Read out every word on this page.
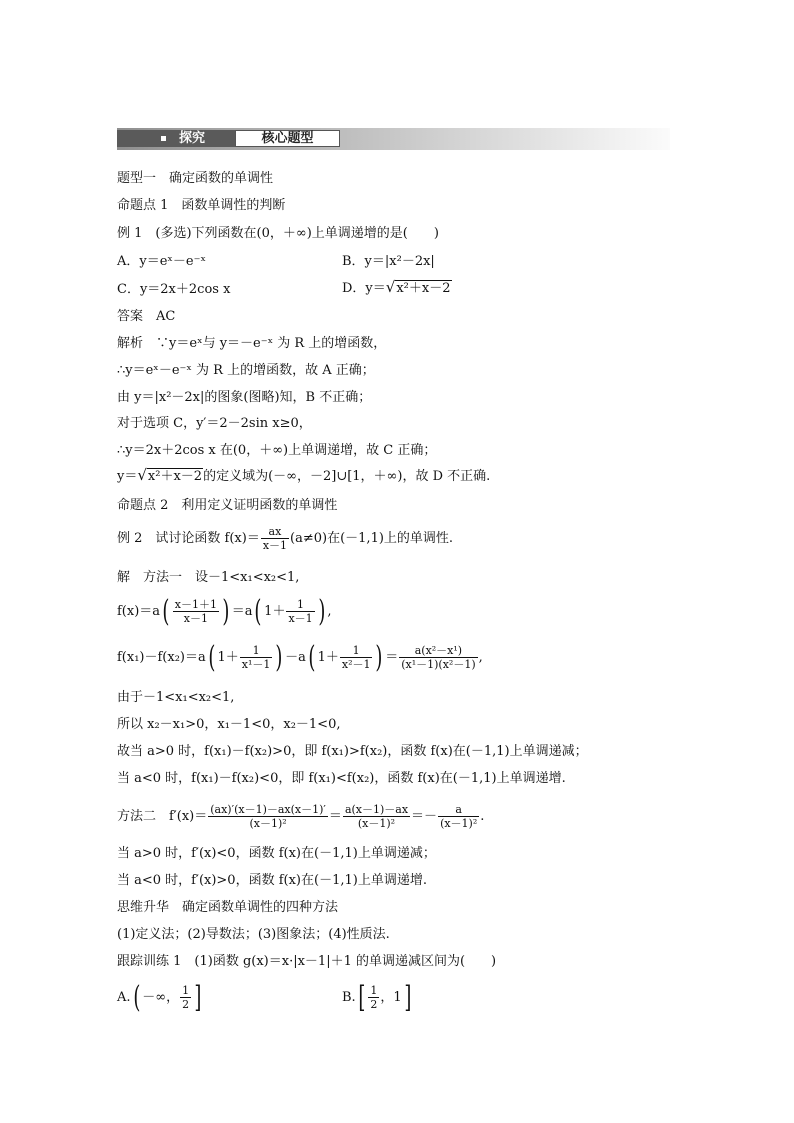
探究	核心题型
题型一　确定函数的单调性
命题点 1　函数单调性的判断
例 1　(多选)下列函数在(0，＋∞)上单调递增的是(　　)
A．y＝eˣ－e⁻ˣ	B．y＝|x²－2x|
C．y＝2x＋2cos x	D．y＝√x²＋x－2
答案　AC
解析　 ∵y＝eˣ与 y＝－e⁻ˣ 为 R 上的增函数，
∴y＝eˣ－e⁻ˣ 为 R 上的增函数，故 A 正确；
由 y＝|x²－2x|的图象(图略)知，B 不正确；
对于选项 C，y′＝2－2sin x≥0，
∴y＝2x＋2cos x 在(0，＋∞)上单调递增，故 C 正确；
y＝√x²＋x－2的定义域为(－∞，－2]∪[1，＋∞)，故 D 不正确.
命题点 2　利用定义证明函数的单调性
例 2　试讨论函数 $f(x)= \frac{ax}{x-1} (a\ne 0)$在(－1,1)上的单调性.
解　方法一　设－1<x₁<x₂<1,
$f(x)=a( \frac{x-1+1}{x-1}$ ) ＝a( $1+ \frac{1}{x-1}$ ) ,
f(x₁)－f(x₂)＝a( $1+ \frac{1}{\text{x¹－1}}$ ) －a( $1+ \frac{1}{\text{x²－1}}$ ) ＝ $\frac{\text{a(x²－x¹)}}{\text{(x¹－1)(x²－1)}}$ ,
由于－1<x₁<x₂<1,
所以 x₂－x₁>0，x₁－1<0，x₂－1<0,
故当 a>0 时，f(x₁)－f(x₂)>0，即 f(x₁)>f(x₂)，函数 f(x)在(－1,1)上单调递减；
当 a<0 时，f(x₁)－f(x₂)<0，即 f(x₁)<f(x₂)，函数 f(x)在(－1,1)上单调递增.
方法二　$f'(x)= \frac{(ax)'(x-1)-ax(x-1)'}{\text{(x－1)²}} = \frac{a(x-1)-ax}{\text{(x－1)²}} =- \frac{a}{\text{(x－1)²}}$ .
当 a>0 时，f′(x)<0，函数 f(x)在(－1,1)上单调递减；
当 a<0 时，f′(x)>0，函数 f(x)在(－1,1)上单调递增.
思维升华　确定函数单调性的四种方法
(1)定义法；(2)导数法；(3)图象法；(4)性质法.
跟踪训练 1　(1)函数 g(x)＝x·|x－1|＋1 的单调递减区间为(　　)
A.( －∞， $\frac{1}{2}$ ]	$B.[ \frac{1}{2}$ ，1]
